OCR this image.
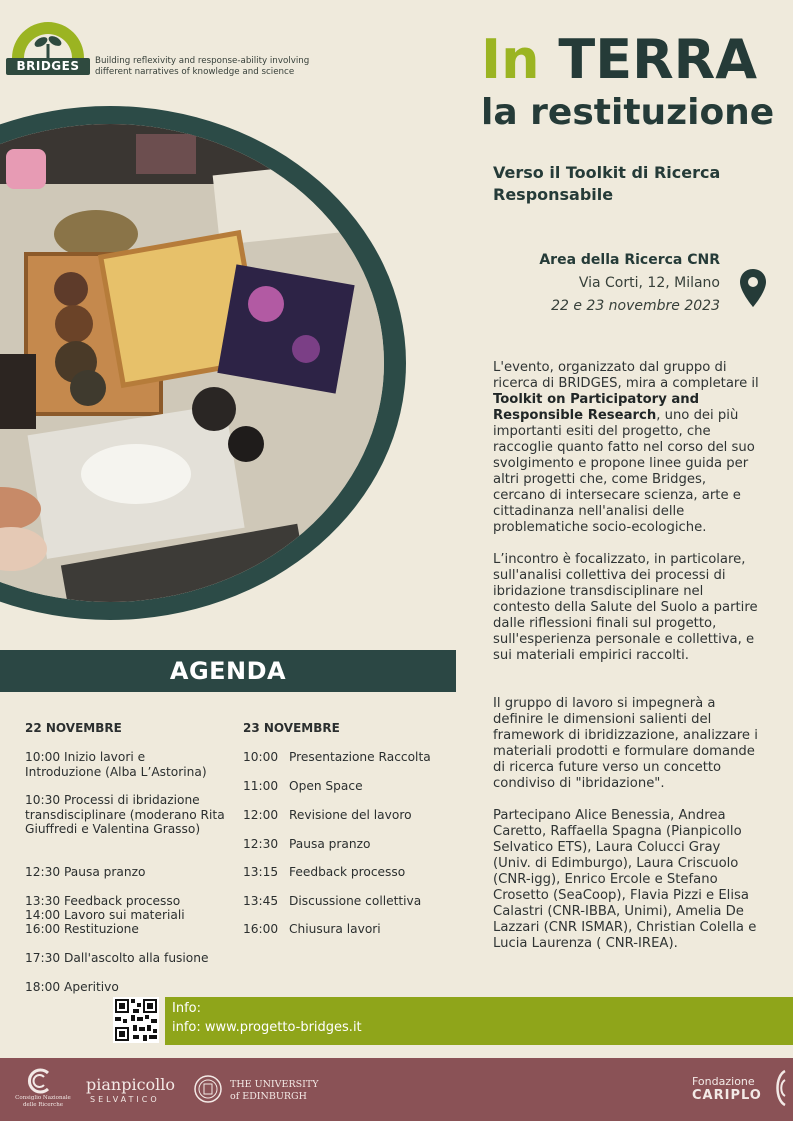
BRIDGES	Building reflexivity and response-ability involving
different narratives of knowledge and science	In TERRA
la restituzione
Verso il Toolkit di Ricerca Responsabile
Area della Ricerca CNR
Via Corti, 12, Milano
22 e 23 novembre 2023
L'evento, organizzato dal gruppo di ricerca di BRIDGES, mira a completare il Toolkit on Participatory and Responsible Research, uno dei più importanti esiti del progetto, che raccoglie quanto fatto nel corso del suo svolgimento e propone linee guida per altri progetti che, come Bridges, cercano di intersecare scienza, arte e cittadinanza nell'analisi delle problematiche socio-ecologiche.
L’incontro è focalizzato, in particolare, sull'analisi collettiva dei processi di ibridazione transdisciplinare nel contesto della Salute del Suolo a partire dalle riflessioni finali sul progetto, sull'esperienza personale e collettiva, e sui materiali empirici raccolti.
Il gruppo di lavoro si impegnerà a definire le dimensioni salienti del framework di ibridizzazione, analizzare i materiali prodotti e formulare domande di ricerca future verso un concetto condiviso di "ibridazione".
Partecipano Alice Benessia, Andrea Caretto, Raffaella Spagna (Pianpicollo Selvatico ETS), Laura Colucci Gray (Univ. di Edimburgo), Laura Criscuolo (CNR-igg), Enrico Ercole e Stefano Crosetto (SeaCoop), Flavia Pizzi e Elisa Calastri (CNR-IBBA, Unimi), Amelia De Lazzari (CNR ISMAR), Christian Colella e Lucia Laurenza ( CNR-IREA).
AGENDA
22 NOVEMBRE
10:00 Inizio lavori e Introduzione (Alba L’Astorina)
10:30 Processi di ibridazione transdisciplinare (moderano Rita Giuffredi e Valentina Grasso)
12:30 Pausa pranzo
13:30 Feedback processo
14:00 Lavoro sui materiali
16:00 Restituzione
17:30 Dall'ascolto alla fusione
18:00 Aperitivo
23 NOVEMBRE
10:00 Presentazione Raccolta
11:00 Open Space
12:00 Revisione del lavoro
12:30 Pausa pranzo
13:15 Feedback processo
13:45 Discussione collettiva
16:00 Chiusura lavori
Info:
info: www.progetto-bridges.it
Consiglio Nazionale
delle Ricerche
pianpicollo
SELVATICO
THE UNIVERSITY
of EDINBURGH
Fondazione
CARIPLO
